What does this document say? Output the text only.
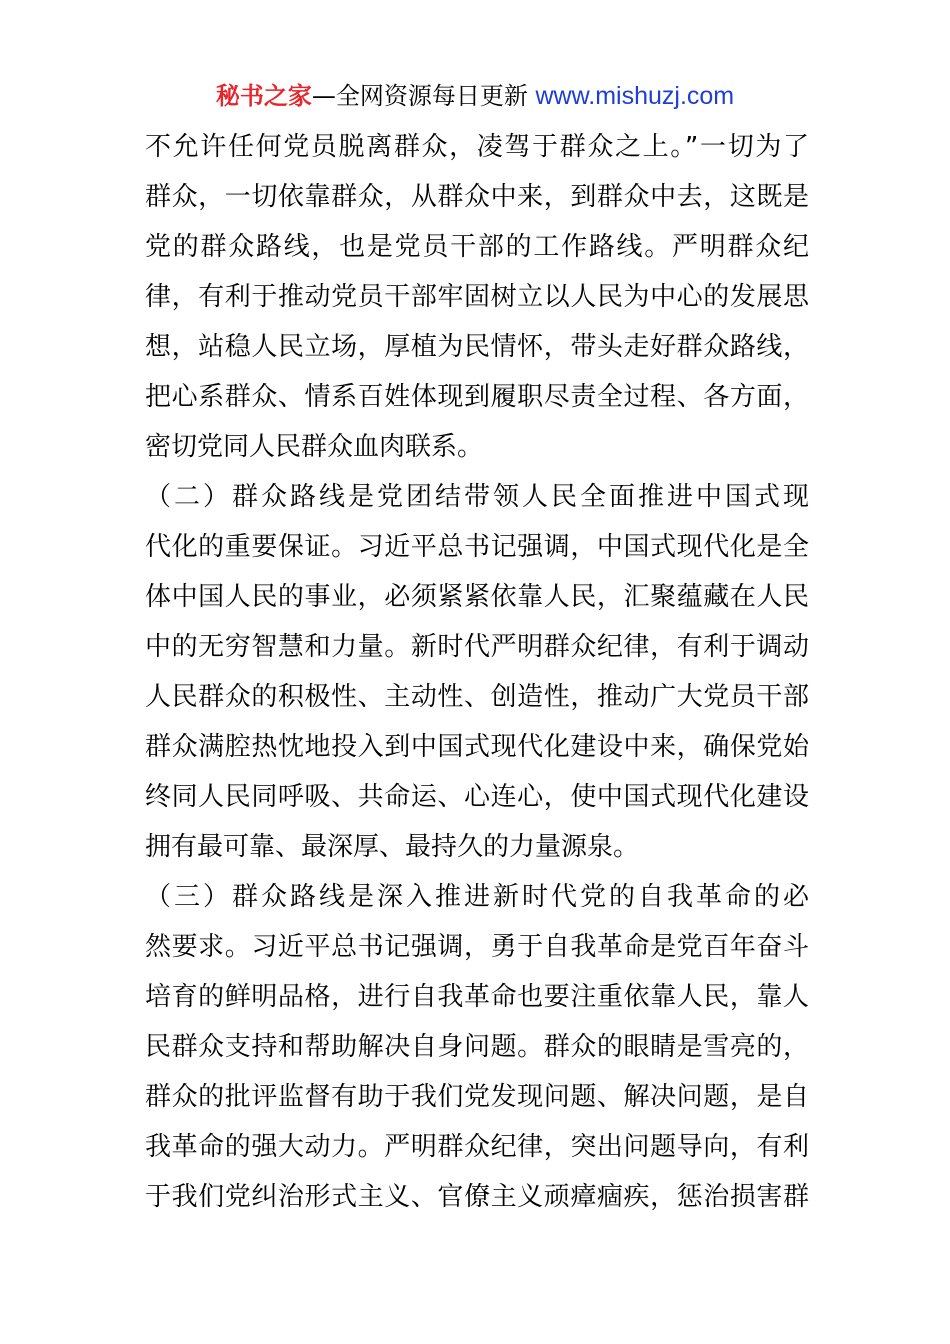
秘书之家—全网资源每日更新 www.mishuzj.com
不允许任何党员脱离群众，凌驾于群众之上。”一切为了
群众，一切依靠群众，从群众中来，到群众中去，这既是
党的群众路线，也是党员干部的工作路线。严明群众纪
律，有利于推动党员干部牢固树立以人民为中心的发展思
想，站稳人民立场，厚植为民情怀，带头走好群众路线，
把心系群众、情系百姓体现到履职尽责全过程、各方面，
密切党同人民群众血肉联系。
（二）群众路线是党团结带领人民全面推进中国式现
代化的重要保证。习近平总书记强调，中国式现代化是全
体中国人民的事业，必须紧紧依靠人民，汇聚蕴藏在人民
中的无穷智慧和力量。新时代严明群众纪律，有利于调动
人民群众的积极性、主动性、创造性，推动广大党员干部
群众满腔热忱地投入到中国式现代化建设中来，确保党始
终同人民同呼吸、共命运、心连心，使中国式现代化建设
拥有最可靠、最深厚、最持久的力量源泉。
（三）群众路线是深入推进新时代党的自我革命的必
然要求。习近平总书记强调，勇于自我革命是党百年奋斗
培育的鲜明品格，进行自我革命也要注重依靠人民，靠人
民群众支持和帮助解决自身问题。群众的眼睛是雪亮的，
群众的批评监督有助于我们党发现问题、解决问题，是自
我革命的强大动力。严明群众纪律，突出问题导向，有利
于我们党纠治形式主义、官僚主义顽瘴痼疾，惩治损害群
